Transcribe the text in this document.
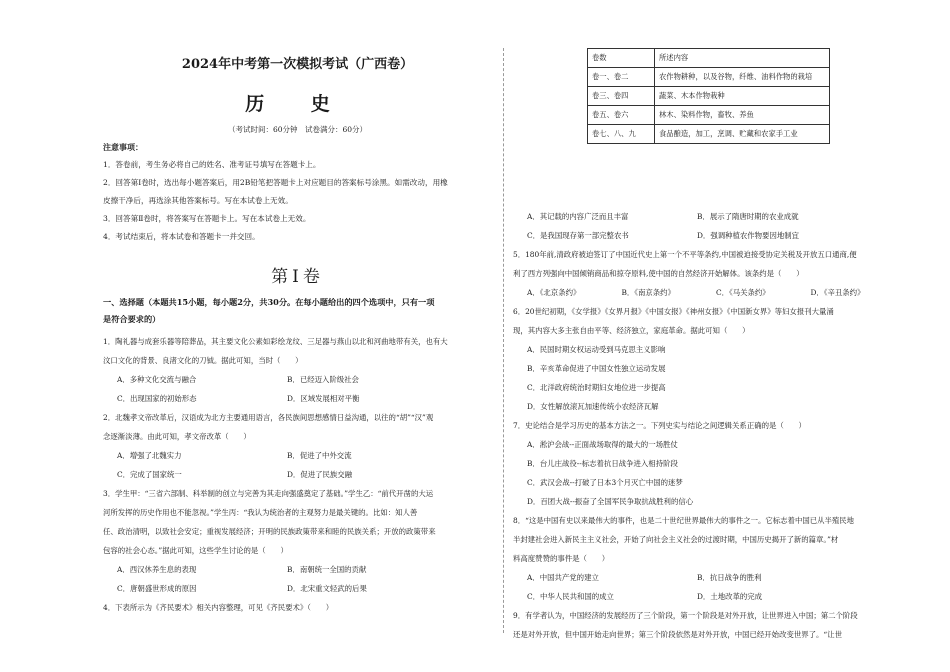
2024年中考第一次模拟考试（广西卷）
历 史
（考试时间：60分钟　试卷满分：60分）
注意事项：

1．答卷前，考生务必将自己的姓名、准考证号填写在答题卡上。

2．回答第Ⅰ卷时，选出每小题答案后，用2B铅笔把答题卡上对应题目的答案标号涂黑。如需改动，用橡

皮擦干净后，再选涂其他答案标号。写在本试卷上无效。

3．回答第Ⅱ卷时，将答案写在答题卡上。写在本试卷上无效。

4．考试结束后，将本试卷和答题卡一并交回。

第Ⅰ卷
一、选择题（本题共15小题，每小题2分，共30分。在每小题给出的四个选项中，只有一项
是符合要求的）

1．陶礼器与成套乐器等陪葬品，其主要文化公素如彩绘龙纹、三足器与燕山以北和河曲地带有关，也有大

汶口文化的背景、良渚文化的刀钺。据此可知，当时（　　）

A．多种文化交流与融合	B．已经迈入阶级社会
C．出现国家的初始形态	D．区域发展相对平衡

2．北魏孝文帝改革后，汉语成为北方主要通用语言，各民族间思想感情日益沟通，以往的“胡”“汉”观

念逐渐淡薄。由此可知，孝文帝改革（　　）

A．增强了北魏实力	B．促进了中外交流
C．完成了国家统一	D．促进了民族交融

3．学生甲：“三省六部制、科举制的创立与完善为其走向强盛奠定了基础。”学生乙：“前代开凿的大运

河所发挥的历史作用也不能忽视。”学生丙：“我认为统治者的主观努力是最关键的。比如：知人善

任、政治清明，以致社会安定；重视发展经济；开明的民族政策带来和睦的民族关系；开放的政策带来

包容的社会心态。”据此可知，这些学生讨论的是（　　）

A．西汉休养生息的表现	B．南朝统一全国的贡献
C．唐朝盛世形成的原因	D．北宋重文轻武的后果

4．下表所示为《齐民要术》相关内容整理，可见《齐民要术》（　　）

卷数	所述内容
卷一、卷二	农作物耕种，以及谷物，纤维、油料作物的栽培
卷三、卷四	蔬菜、木本作物栽种
卷五、卷六	林木、染料作物，畜牧、养鱼
卷七、八、九	食品酿造，加工，烹调、贮藏和农家手工业
A．其记载的内容广泛而且丰富	B．展示了隋唐时期的农业成就
C．是我国现存第一部完整农书	D．强调种植农作物要因地制宜

5．180年前,清政府被迫签订了中国近代史上第一个不平等条约,中国被迫接受协定关税及开放五口通商,便

利了西方列强向中国倾销商品和掠夺原料,使中国的自然经济开始解体。该条约是（　　）

A．《北京条约》	B．《南京条约》	C．《马关条约》	D．《辛丑条约》

6．20世纪初期，《女学报》《女界月报》《中国女报》《神州女报》《中国新女界》等妇女报刊大量涌

现，其内容大多主张自由平等、经济独立，家庭革命。据此可知（　　）

A．民国时期女权运动受到马克思主义影响
B．辛亥革命促进了中国女性独立运动发展
C．北洋政府统治时期妇女地位进一步提高
D．女性解放滚瓦加速传统小农经济瓦解

7．史论结合是学习历史的基本方法之一。下列史实与结论之间逻辑关系正确的是（　　）

A．淞沪会战--正面战场取得的最大的一场胜仗
B．台儿庄战役--标志着抗日战争进入相持阶段
C．武汉会战--打破了日本3个月灭亡中国的迷梦
D．百团大战--振奋了全国军民争取抗战胜利的信心

8．“这是中国有史以来最伟大的事件，也是二十世纪世界最伟大的事件之一。它标志着中国已从半殖民地

半封建社会进入新民主主义社会，开始了向社会主义社会的过渡时期，中国历史揭开了新的篇章。”材

料高度赞赞的事件是（　　）

A．中国共产党的建立	B．抗日战争的胜利
C．中华人民共和国的成立	D．土地改革的完成

9．有学者认为，中国经济的发展经历了三个阶段，第一个阶段是对外开放，让世界进入中国；第二个阶段

还是对外开放，但中国开始走向世界；第三个阶段依然是对外开放，中国已经开始改变世界了。“让世
